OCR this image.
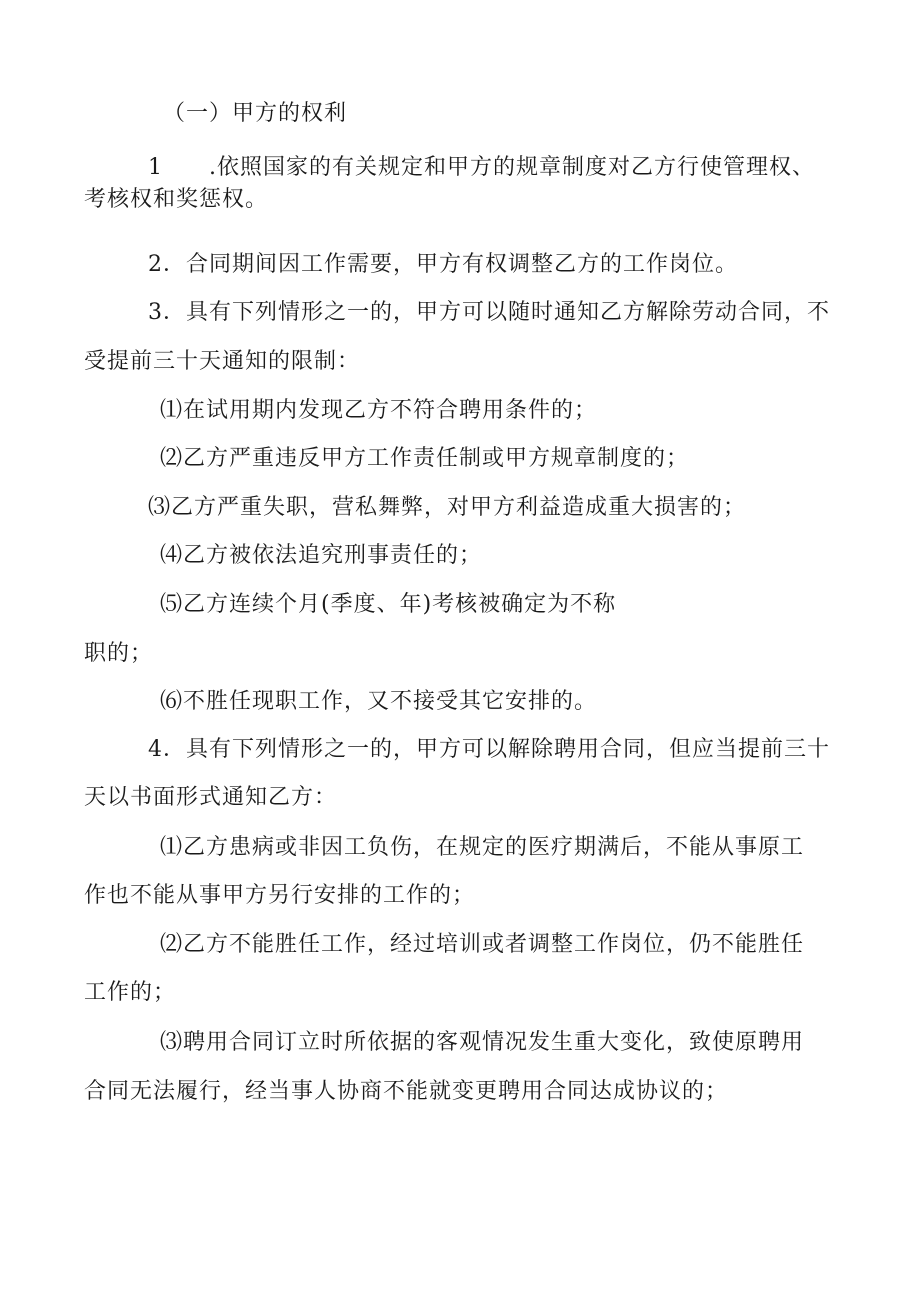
（一）甲方的权利
1　　.依照国家的有关规定和甲方的规章制度对乙方行使管理权、
考核权和奖惩权。
2．合同期间因工作需要，甲方有权调整乙方的工作岗位。
3．具有下列情形之一的，甲方可以随时通知乙方解除劳动合同，不
受提前三十天通知的限制：
⑴在试用期内发现乙方不符合聘用条件的；
⑵乙方严重违反甲方工作责任制或甲方规章制度的；
⑶乙方严重失职，营私舞弊，对甲方利益造成重大损害的；
⑷乙方被依法追究刑事责任的；
⑸乙方连续个月(季度、年)考核被确定为不称
职的；
⑹不胜任现职工作，又不接受其它安排的。
4．具有下列情形之一的，甲方可以解除聘用合同，但应当提前三十
天以书面形式通知乙方：
⑴乙方患病或非因工负伤，在规定的医疗期满后，不能从事原工
作也不能从事甲方另行安排的工作的；
⑵乙方不能胜任工作，经过培训或者调整工作岗位，仍不能胜任
工作的；
⑶聘用合同订立时所依据的客观情况发生重大变化，致使原聘用
合同无法履行，经当事人协商不能就变更聘用合同达成协议的；
